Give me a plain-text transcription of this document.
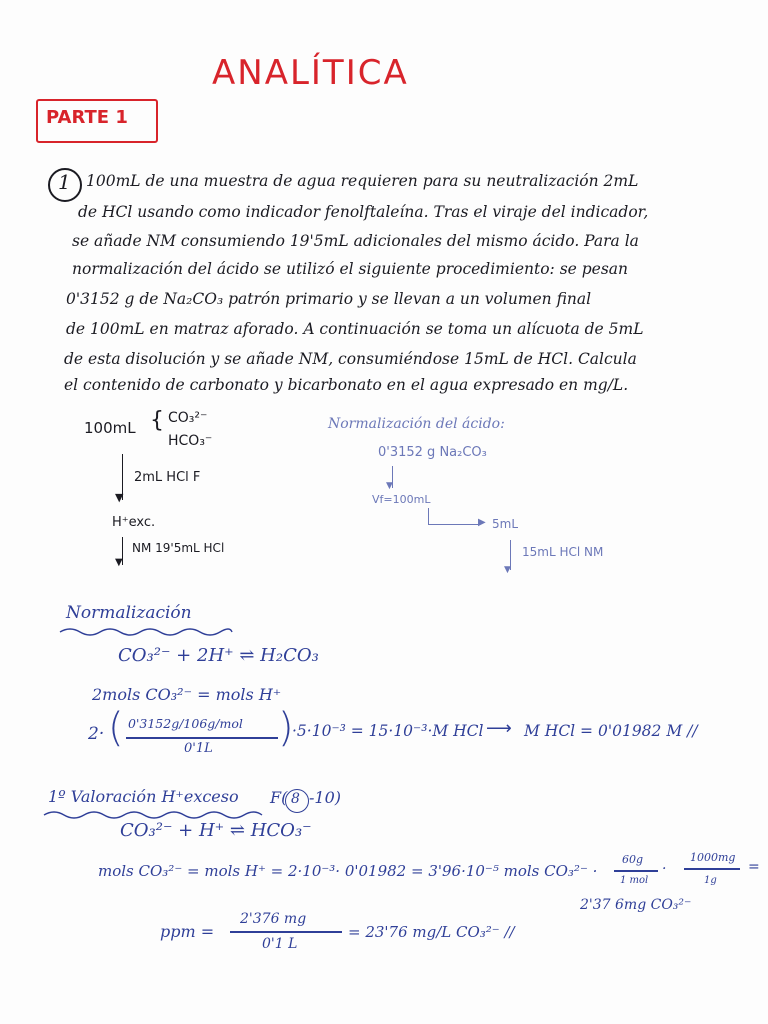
ANALÍTICA
PARTE 1
1 100mL de una muestra de agua requieren para su neutralización 2mL
de HCl usando como indicador fenolftaleína. Tras el viraje del indicador,
se añade NM consumiendo 19'5mL adicionales del mismo ácido. Para la
normalización del ácido se utilizó el siguiente procedimiento: se pesan
0'3152 g de Na₂CO₃ patrón primario y se llevan a un volumen final
de 100mL en matraz aforado. A continuación se toma un alícuota de 5mL
de esta disolución y se añade NM, consumiéndose 15mL de HCl. Calcula
el contenido de carbonato y bicarbonato en el agua expresado en mg/L.
100mL { CO₃²⁻
HCO₃⁻
▼
2mL HCl F
H⁺exc.
▼
NM 19'5mL HCl
Normalización del ácido:
0'3152 g Na₂CO₃
▼
Vf=100mL
▶ 5mL
▼
15mL HCl NM
Normalización
CO₃²⁻ + 2H⁺ ⇌ H₂CO₃
2mols CO₃²⁻ = mols H⁺
2· ( 0'3152g/106g/mol
0'1L )
·5·10⁻³ = 15·10⁻³·M HCl ⟶ M HCl = 0'01982 M //
1º Valoración H⁺exceso F( 8 -10)
CO₃²⁻ + H⁺ ⇌ HCO₃⁻
mols CO₃²⁻ = mols H⁺ = 2·10⁻³· 0'01982 = 3'96·10⁻⁵ mols CO₃²⁻ ·
60g
1 mol
·
1000mg
1g
=
2'37 6mg CO₃²⁻
ppm =
2'376 mg
0'1 L
= 23'76 mg/L CO₃²⁻ //
